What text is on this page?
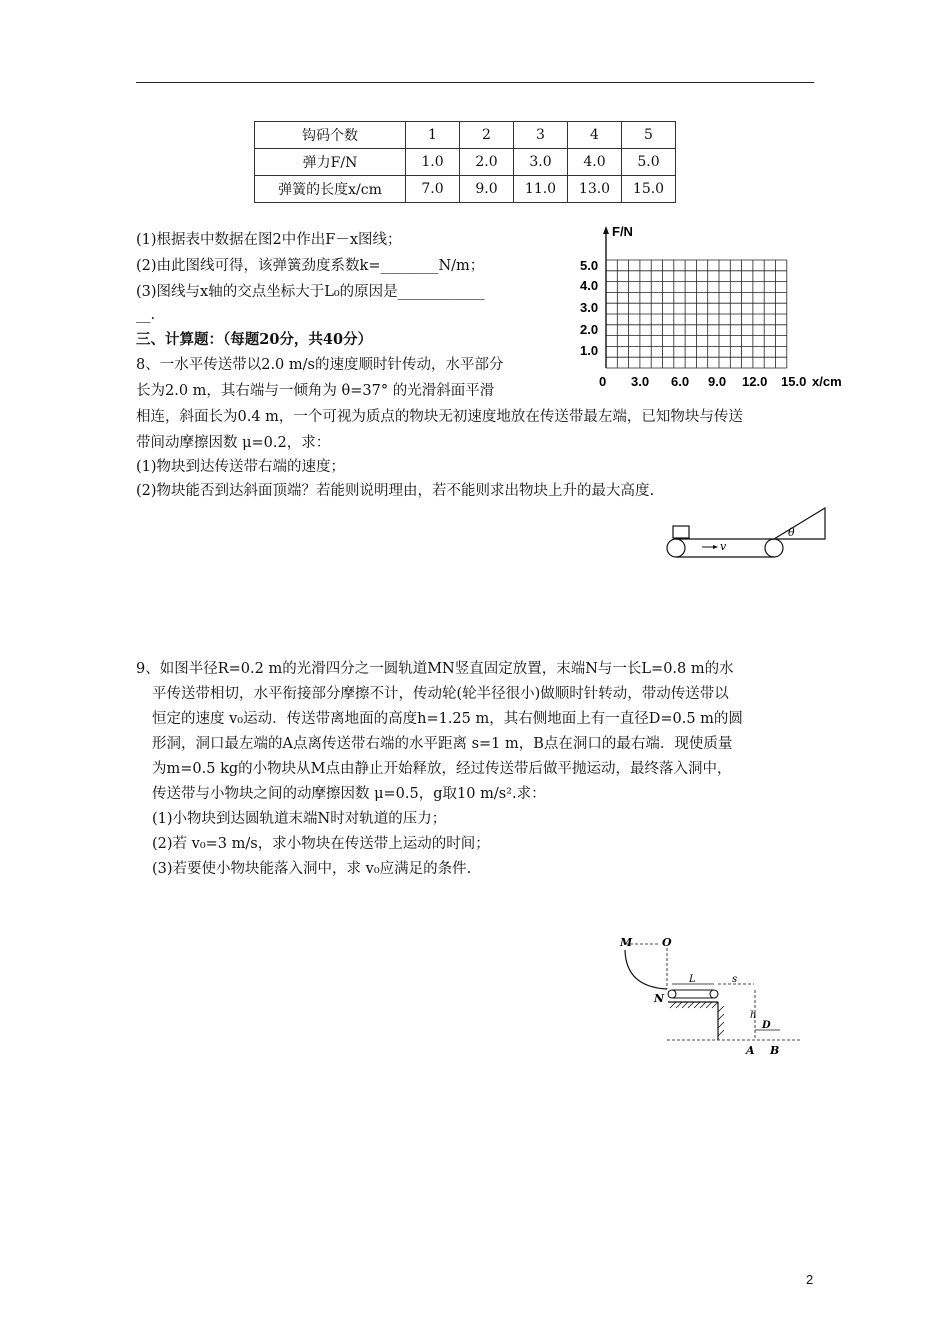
钩码个数	1	2	3	4	5
弹力F/N	1.0	2.0	3.0	4.0	5.0
弹簧的长度x/cm	7.0	9.0	11.0	13.0	15.0
(1)根据表中数据在图2中作出F－x图线；
(2)由此图线可得，该弹簧劲度系数k=________N/m；
(3)图线与x轴的交点坐标大于L₀的原因是____________
__.
F/N
5.0
4.0
3.0
2.0
1.0
0 3.0 6.0 9.0 12.0 15.0 x/cm
三、计算题：（每题20分，共40分）
8、一水平传送带以2.0 m/s的速度顺时针传动，水平部分
长为2.0 m，其右端与一倾角为 θ=37° 的光滑斜面平滑
相连，斜面长为0.4 m，一个可视为质点的物块无初速度地放在传送带最左端，已知物块与传送
带间动摩擦因数 μ=0.2，求：
(1)物块到达传送带右端的速度；
(2)物块能否到达斜面顶端？若能则说明理由，若不能则求出物块上升的最大高度.
v
θ
9、如图半径R=0.2 m的光滑四分之一圆轨道MN竖直固定放置，末端N与一长L=0.8 m的水
平传送带相切，水平衔接部分摩擦不计，传动轮(轮半径很小)做顺时针转动，带动传送带以
恒定的速度 v₀运动．传送带离地面的高度h=1.25 m，其右侧地面上有一直径D=0.5 m的圆
形洞，洞口最左端的A点离传送带右端的水平距离 s=1 m，B点在洞口的最右端．现使质量
为m=0.5 kg的小物块从M点由静止开始释放，经过传送带后做平抛运动，最终落入洞中，
传送带与小物块之间的动摩擦因数 μ=0.5，g取10 m/s².求：
(1)小物块到达圆轨道末端N时对轨道的压力；
(2)若 v₀=3 m/s，求小物块在传送带上运动的时间；
(3)若要使小物块能落入洞中，求 v₀应满足的条件.
M	O
N
L	s
h
D
A B
2
